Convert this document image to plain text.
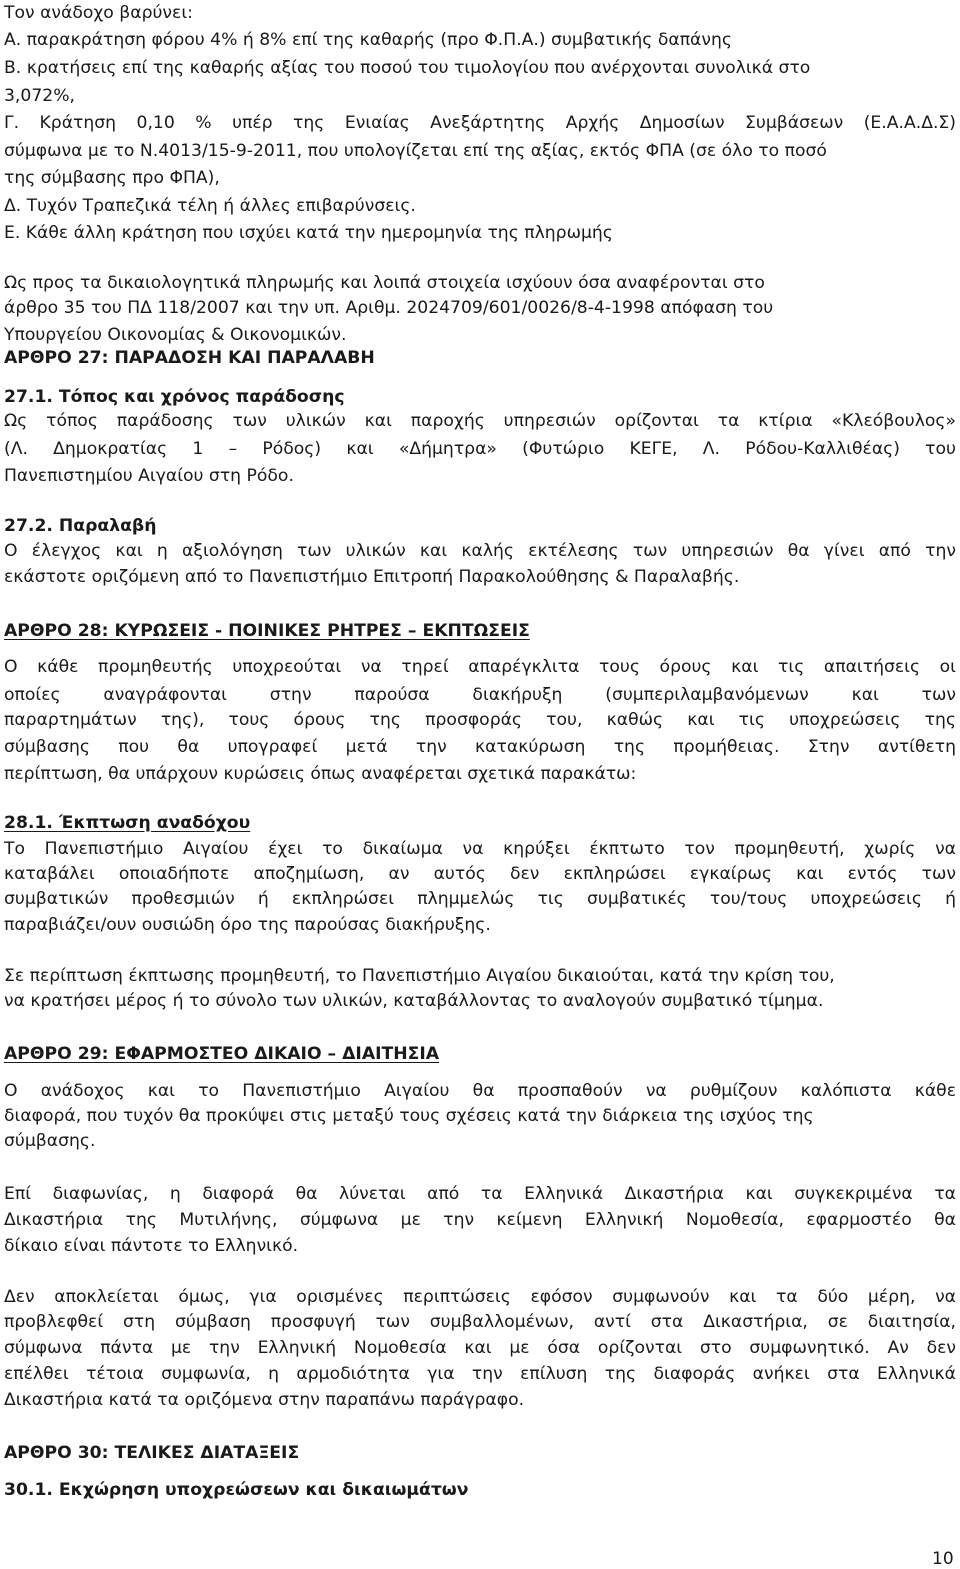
Τον ανάδοχο βαρύνει:
Α. παρακράτηση φόρου 4% ή 8% επί της καθαρής (προ Φ.Π.Α.) συμβατικής δαπάνης
Β. κρατήσεις επί της καθαρής αξίας του ποσού του τιμολογίου που ανέρχονται συνολικά στο
3,072%,
Γ. Κράτηση 0,10 % υπέρ της Ενιαίας Ανεξάρτητης Αρχής Δημοσίων Συμβάσεων (Ε.Α.Α.Δ.Σ)
σύμφωνα με το Ν.4013/15-9-2011, που υπολογίζεται επί της αξίας, εκτός ΦΠΑ (σε όλο το ποσό
της σύμβασης προ ΦΠΑ),
Δ. Τυχόν Τραπεζικά τέλη ή άλλες επιβαρύνσεις.
Ε. Κάθε άλλη κράτηση που ισχύει κατά την ημερομηνία της πληρωμής
Ως προς τα δικαιολογητικά πληρωμής και λοιπά στοιχεία ισχύουν όσα αναφέρονται στο
άρθρο 35 του ΠΔ 118/2007 και την υπ. Αριθμ. 2024709/601/0026/8-4-1998 απόφαση του
Υπουργείου Οικονομίας & Οικονομικών.
ΑΡΘΡΟ 27: ΠΑΡΑΔΟΣΗ ΚΑΙ ΠΑΡΑΛΑΒΗ
27.1. Τόπος και χρόνος παράδοσης
Ως τόπος παράδοσης των υλικών και παροχής υπηρεσιών ορίζονται τα κτίρια «Κλεόβουλος»
(Λ. Δημοκρατίας 1 – Ρόδος) και «Δήμητρα» (Φυτώριο ΚΕΓΕ, Λ. Ρόδου-Καλλιθέας) του
Πανεπιστημίου Αιγαίου στη Ρόδο.
27.2. Παραλαβή
Ο έλεγχος και η αξιολόγηση των υλικών και καλής εκτέλεσης των υπηρεσιών θα γίνει από την
εκάστοτε οριζόμενη από το Πανεπιστήμιο Επιτροπή Παρακολούθησης & Παραλαβής.
ΑΡΘΡΟ 28: ΚΥΡΩΣΕΙΣ - ΠΟΙΝΙΚΕΣ ΡΗΤΡΕΣ – ΕΚΠΤΩΣΕΙΣ
Ο κάθε προμηθευτής υποχρεούται να τηρεί απαρέγκλιτα τους όρους και τις απαιτήσεις οι
οποίες αναγράφονται στην παρούσα διακήρυξη (συμπεριλαμβανόμενων και των
παραρτημάτων της), τους όρους της προσφοράς του, καθώς και τις υποχρεώσεις της
σύμβασης που θα υπογραφεί μετά την κατακύρωση της προμήθειας. Στην αντίθετη
περίπτωση, θα υπάρχουν κυρώσεις όπως αναφέρεται σχετικά παρακάτω:
28.1. Έκπτωση αναδόχου
Το Πανεπιστήμιο Αιγαίου έχει το δικαίωμα να κηρύξει έκπτωτο τον προμηθευτή, χωρίς να
καταβάλει οποιαδήποτε αποζημίωση, αν αυτός δεν εκπληρώσει εγκαίρως και εντός των
συμβατικών προθεσμιών ή εκπληρώσει πλημμελώς τις συμβατικές του/τους υποχρεώσεις ή
παραβιάζει/ουν ουσιώδη όρο της παρούσας διακήρυξης.
Σε περίπτωση έκπτωσης προμηθευτή, το Πανεπιστήμιο Αιγαίου δικαιούται, κατά την κρίση του,
να κρατήσει μέρος ή το σύνολο των υλικών, καταβάλλοντας το αναλογούν συμβατικό τίμημα.
ΑΡΘΡΟ 29: ΕΦΑΡΜΟΣΤΕΟ ΔΙΚΑΙΟ – ΔΙΑΙΤΗΣΙΑ
Ο ανάδοχος και το Πανεπιστήμιο Αιγαίου θα προσπαθούν να ρυθμίζουν καλόπιστα κάθε
διαφορά, που τυχόν θα προκύψει στις μεταξύ τους σχέσεις κατά την διάρκεια της ισχύος της
σύμβασης.
Επί διαφωνίας, η διαφορά θα λύνεται από τα Ελληνικά Δικαστήρια και συγκεκριμένα τα
Δικαστήρια της Μυτιλήνης, σύμφωνα με την κείμενη Ελληνική Νομοθεσία, εφαρμοστέο θα
δίκαιο είναι πάντοτε το Ελληνικό.
Δεν αποκλείεται όμως, για ορισμένες περιπτώσεις εφόσον συμφωνούν και τα δύο μέρη, να
προβλεφθεί στη σύμβαση προσφυγή των συμβαλλομένων, αντί στα Δικαστήρια, σε διαιτησία,
σύμφωνα πάντα με την Ελληνική Νομοθεσία και με όσα ορίζονται στο συμφωνητικό. Αν δεν
επέλθει τέτοια συμφωνία, η αρμοδιότητα για την επίλυση της διαφοράς ανήκει στα Ελληνικά
Δικαστήρια κατά τα οριζόμενα στην παραπάνω παράγραφο.
ΑΡΘΡΟ 30: ΤΕΛΙΚΕΣ ΔΙΑΤΑΞΕΙΣ
30.1. Εκχώρηση υποχρεώσεων και δικαιωμάτων
10
